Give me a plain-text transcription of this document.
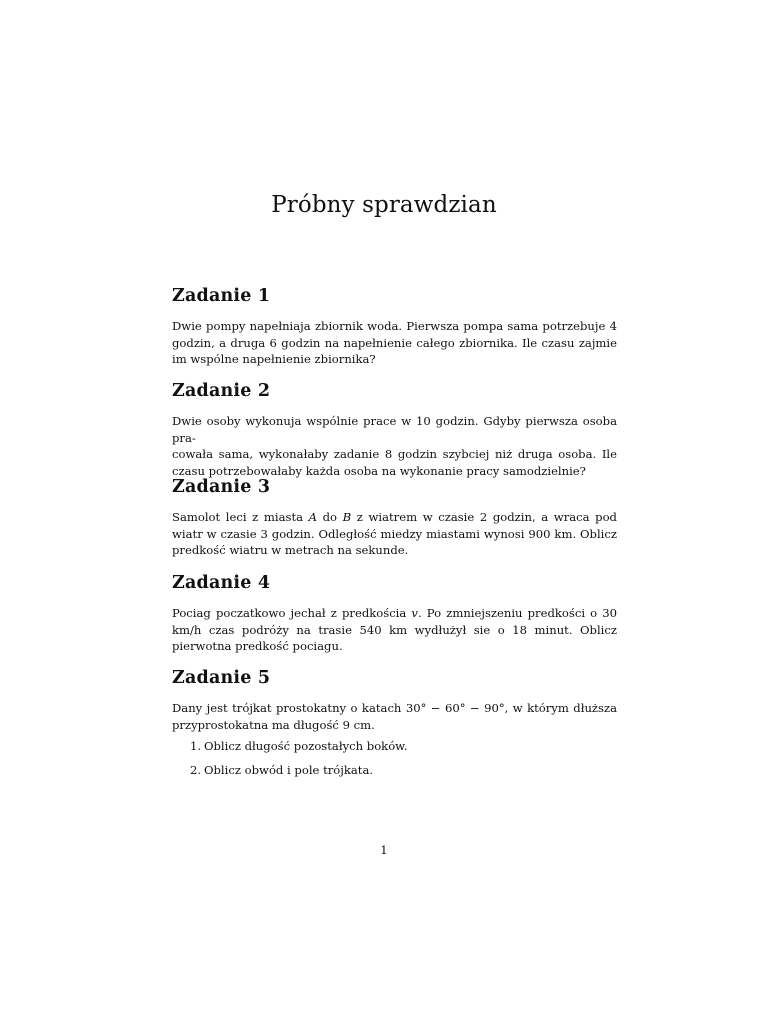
Próbny sprawdzian
Zadanie 1

Dwie pompy napełniaja zbiornik woda. Pierwsza pompa sama potrzebuje 4 godzin, a druga 6 godzin na napełnienie całego zbiornika. Ile czasu zajmie im wspólne napełnienie zbiornika?

Zadanie 2

Dwie osoby wykonuja wspólnie prace w 10 godzin. Gdyby pierwsza osoba pra-

cowała sama, wykonałaby zadanie 8 godzin szybciej niż druga osoba. Ile czasu potrzebowałaby każda osoba na wykonanie pracy samodzielnie?

Zadanie 3

Samolot leci z miasta A do B z wiatrem w czasie 2 godzin, a wraca pod wiatr w czasie 3 godzin. Odległość miedzy miastami wynosi 900 km. Oblicz predkość wiatru w metrach na sekunde.

Zadanie 4

Pociag poczatkowo jechał z predkościa v. Po zmniejszeniu predkości o 30 km/h czas podróży na trasie 540 km wydłużył sie o 18 minut. Oblicz pierwotna predkość pociagu.

Zadanie 5

Dany jest trójkat prostokatny o katach 30° − 60° − 90°, w którym dłuższa przyprostokatna ma długość 9 cm.

1. Oblicz długość pozostałych boków.
2. Oblicz obwód i pole trójkata.
1
